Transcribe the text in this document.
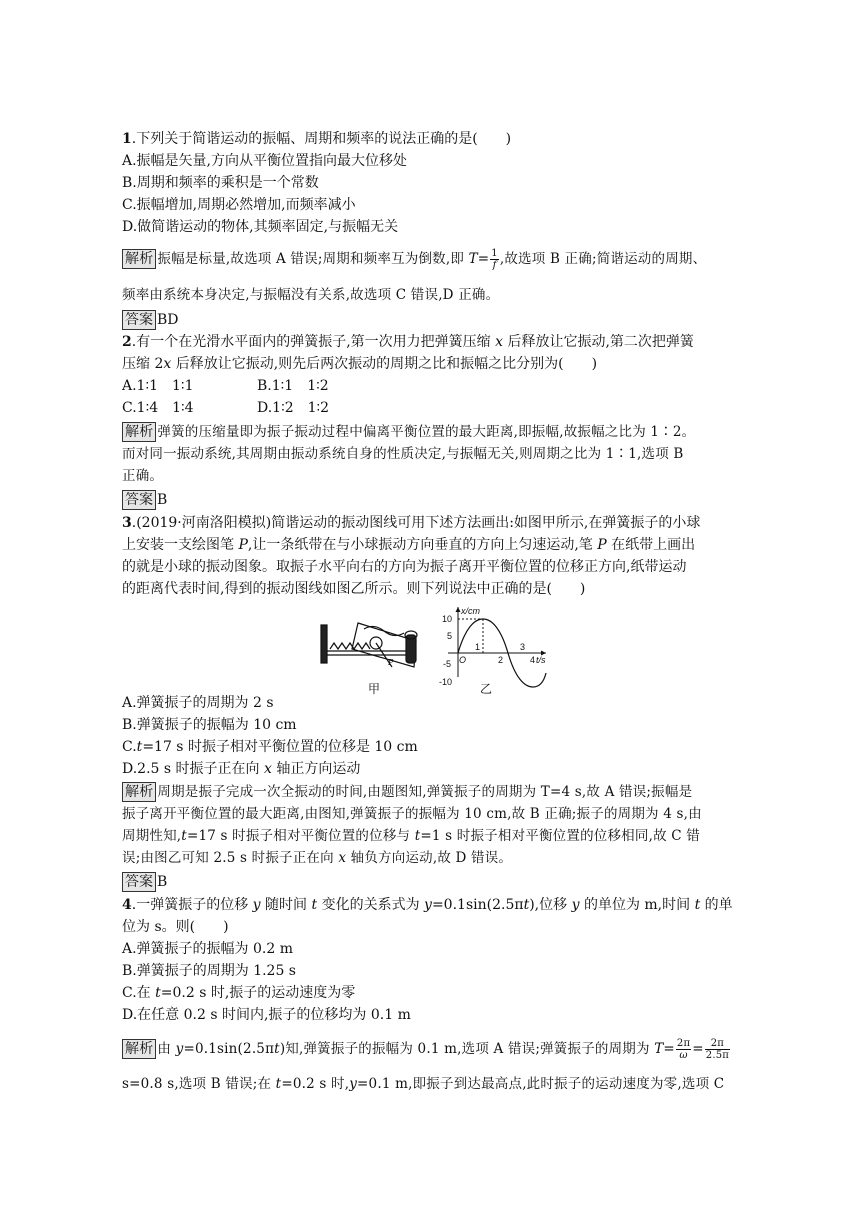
1.下列关于简谐运动的振幅、周期和频率的说法正确的是(　　)
A.振幅是矢量,方向从平衡位置指向最大位移处
B.周期和频率的乘积是一个常数
C.振幅增加,周期必然增加,而频率减小
D.做简谐运动的物体,其频率固定,与振幅无关
解析 振幅是标量,故选项 A 错误;周期和频率互为倒数,即 $T= \frac{1}{f}$ ,故选项 B 正确;简谐运动的周期、
频率由系统本身决定,与振幅没有关系,故选项 C 错误,D 正确。
答案 BD
2.有一个在光滑水平面内的弹簧振子,第一次用力把弹簧压缩 x 后释放让它振动,第二次把弹簧
压缩 2x 后释放让它振动,则先后两次振动的周期之比和振幅之比分别为(　　)
A.1∶1　1∶1	B.1∶1　1∶2
C.1∶4　1∶4	D.1∶2　1∶2
解析 弹簧的压缩量即为振子振动过程中偏离平衡位置的最大距离,即振幅,故振幅之比为 1∶2。
而对同一振动系统,其周期由振动系统自身的性质决定,与振幅无关,则周期之比为 1∶1,选项 B
正确。
答案 B
3.(2019·河南洛阳模拟)简谐运动的振动图线可用下述方法画出:如图甲所示,在弹簧振子的小球
上安装一支绘图笔 P,让一条纸带在与小球振动方向垂直的方向上匀速运动,笔 P 在纸带上画出
的就是小球的振动图象。取振子水平向右的方向为振子离开平衡位置的位移正方向,纸带运动
的距离代表时间,得到的振动图线如图乙所示。则下列说法中正确的是(　　)
P
x/cm
10
5
-5
-10
O
1
2
3
4 t/s
甲	乙
A.弹簧振子的周期为 2 s
B.弹簧振子的振幅为 10 cm
C.t=17 s 时振子相对平衡位置的位移是 10 cm
D.2.5 s 时振子正在向 x 轴正方向运动
解析 周期是振子完成一次全振动的时间,由题图知,弹簧振子的周期为 T=4 s,故 A 错误;振幅是
振子离开平衡位置的最大距离,由图知,弹簧振子的振幅为 10 cm,故 B 正确;振子的周期为 4 s,由
周期性知,t=17 s 时振子相对平衡位置的位移与 t=1 s 时振子相对平衡位置的位移相同,故 C 错
误;由图乙可知 2.5 s 时振子正在向 x 轴负方向运动,故 D 错误。
答案 B
4.一弹簧振子的位移 y 随时间 t 变化的关系式为 y=0.1sin(2.5πt),位移 y 的单位为 m,时间 t 的单
位为 s。则(　　)
A.弹簧振子的振幅为 0.2 m
B.弹簧振子的周期为 1.25 s
C.在 t=0.2 s 时,振子的运动速度为零
D.在任意 0.2 s 时间内,振子的位移均为 0.1 m
解析 由 y=0.1sin(2.5πt)知,弹簧振子的振幅为 0.1 m,选项 A 错误;弹簧振子的周期为 $T= \frac{2\pi}{\omega} = \frac{2\pi}{2.5\pi}$
s=0.8 s,选项 B 错误;在 t=0.2 s 时,y=0.1 m,即振子到达最高点,此时振子的运动速度为零,选项 C
